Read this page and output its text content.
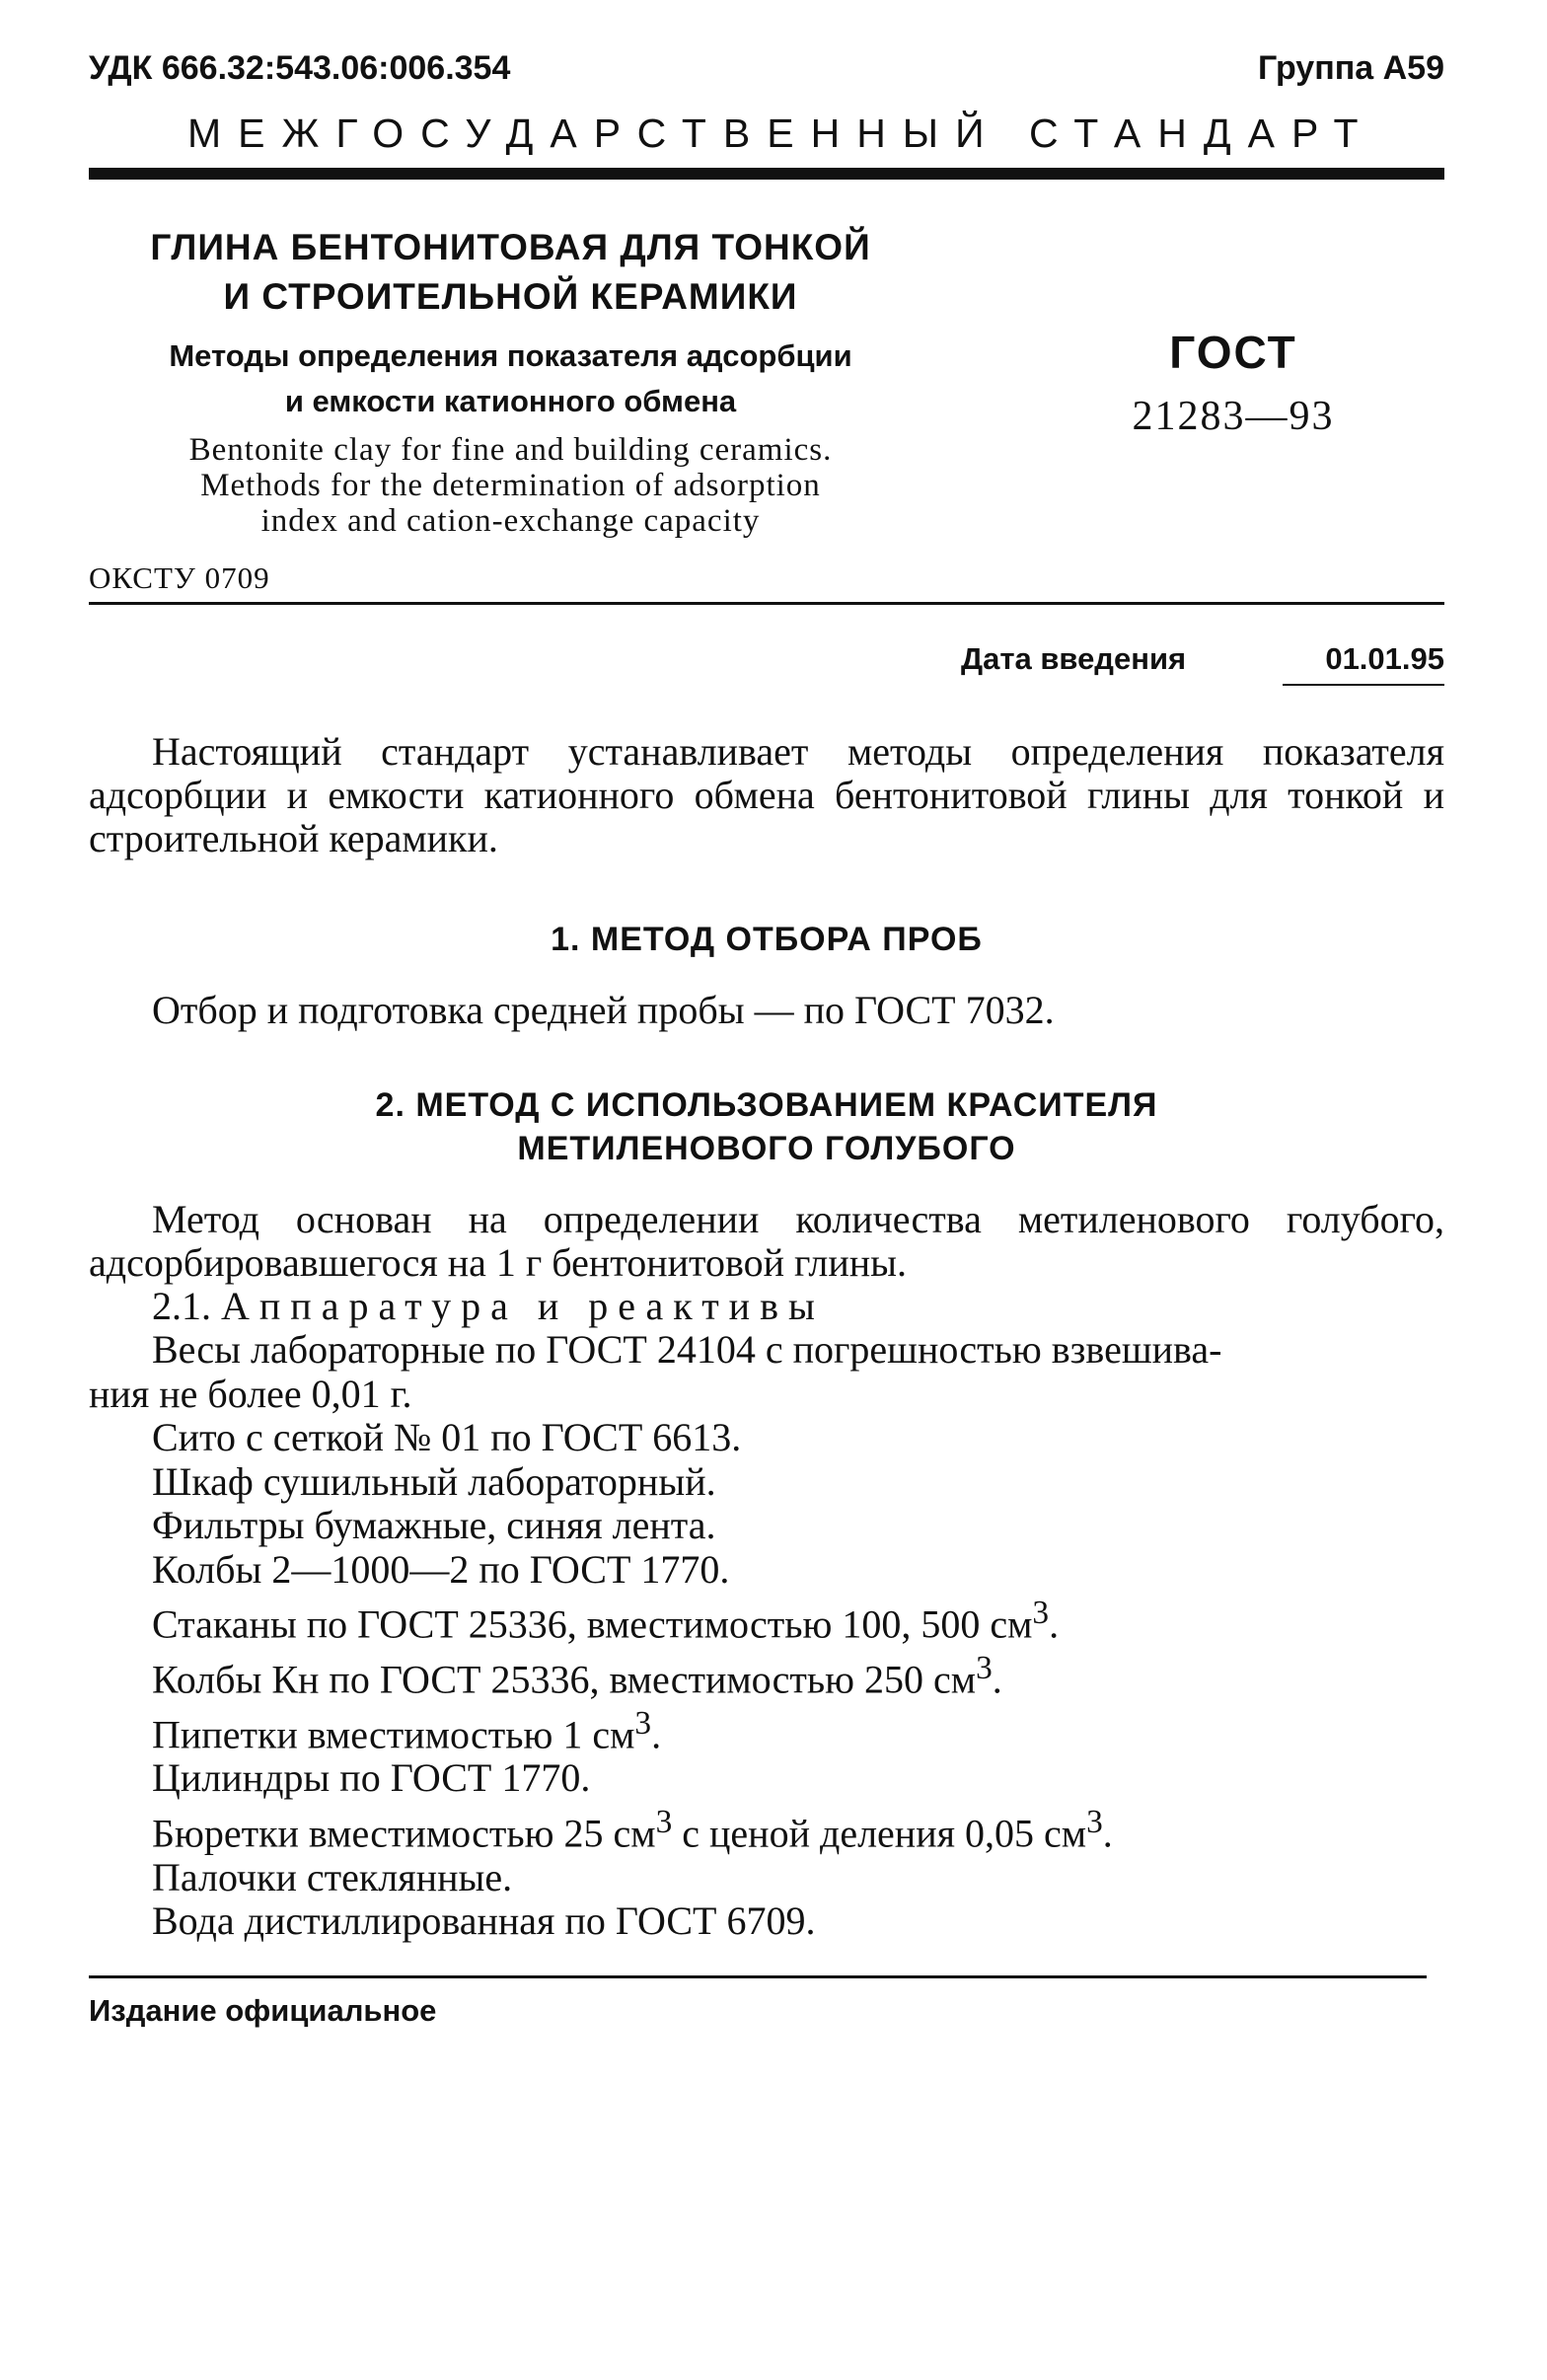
УДК 666.32:543.06:006.354	Группа А59
МЕЖГОСУДАРСТВЕННЫЙ СТАНДАРТ
ГЛИНА БЕНТОНИТОВАЯ ДЛЯ ТОНКОЙ
И СТРОИТЕЛЬНОЙ КЕРАМИКИ
Методы определения показателя адсорбции
и емкости катионного обмена
Bentonite clay for fine and building ceramics.
Methods for the determination of adsorption
index and cation-exchange capacity
ОКСТУ 0709
ГОСТ
21283—93
Дата введения	01.01.95
Настоящий стандарт устанавливает методы определения показателя адсорбции и емкости катионного обмена бентонитовой глины для тонкой и строительной керамики.
1. МЕТОД ОТБОРА ПРОБ
Отбор и подготовка средней пробы — по ГОСТ 7032.
2. МЕТОД С ИСПОЛЬЗОВАНИЕМ КРАСИТЕЛЯ
МЕТИЛЕНОВОГО ГОЛУБОГО
Метод основан на определении количества метиленового голубого, адсорбировавшегося на 1 г бентонитовой глины.
2.1. Аппаратура и реактивы
Весы лабораторные по ГОСТ 24104 с погрешностью взвешива-
ния не более 0,01 г.
Сито с сеткой № 01 по ГОСТ 6613.
Шкаф сушильный лабораторный.
Фильтры бумажные, синяя лента.
Колбы 2—1000—2 по ГОСТ 1770.
Стаканы по ГОСТ 25336, вместимостью 100, 500 $см^3$.
Колбы Кн по ГОСТ 25336, вместимостью 250 $см^3$.
Пипетки вместимостью 1 $см^3$.
Цилиндры по ГОСТ 1770.
Бюретки вместимостью 25 $см^3$ с ценой деления 0,05 $см^3$.
Палочки стеклянные.
Вода дистиллированная по ГОСТ 6709.
Издание официальное
